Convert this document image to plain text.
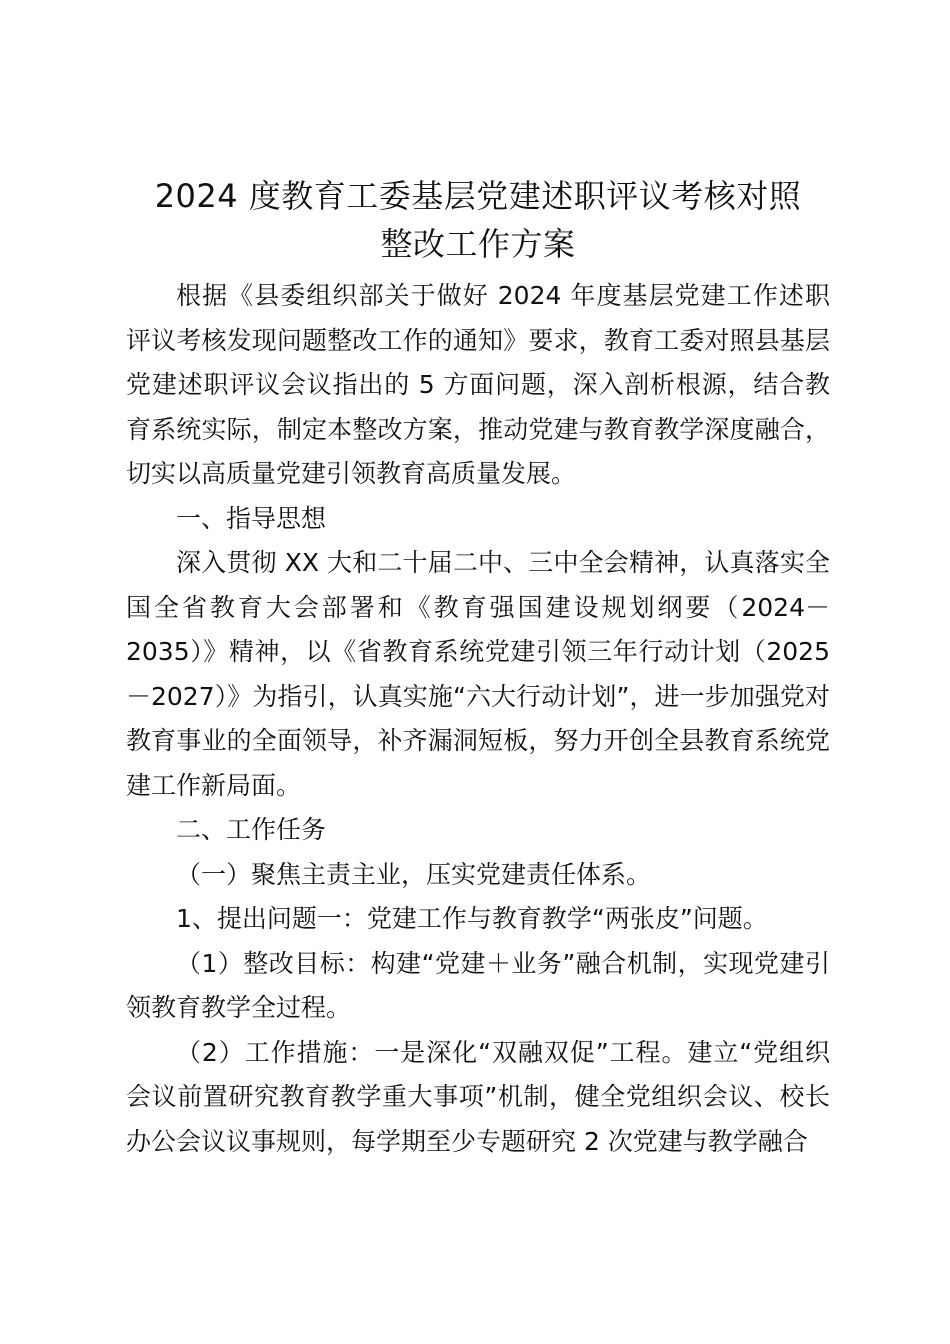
2024 度教育工委基层党建述职评议考核对照
整改工作方案

根据《县委组织部关于做好 2024 年度基层党建工作述职评议考核发现问题整改工作的通知》要求，教育工委对照县基层党建述职评议会议指出的 5 方面问题，深入剖析根源，结合教育系统实际，制定本整改方案，推动党建与教育教学深度融合，切实以高质量党建引领教育高质量发展。

一、指导思想

深入贯彻 XX 大和二十届二中、三中全会精神，认真落实全国全省教育大会部署和《教育强国建设规划纲要（2024－2035）》精神，以《省教育系统党建引领三年行动计划（2025－2027）》为指引，认真实施“六大行动计划”，进一步加强党对教育事业的全面领导，补齐漏洞短板，努力开创全县教育系统党建工作新局面。

二、工作任务
（一）聚焦主责主业，压实党建责任体系。

1、提出问题一：党建工作与教育教学“两张皮”问题。

（1）整改目标：构建“党建＋业务”融合机制，实现党建引领教育教学全过程。

（2）工作措施：一是深化“双融双促”工程。建立“党组织会议前置研究教育教学重大事项”机制，健全党组织会议、校长办公会议议事规则，每学期至少专题研究 2 次党建与教学融合
